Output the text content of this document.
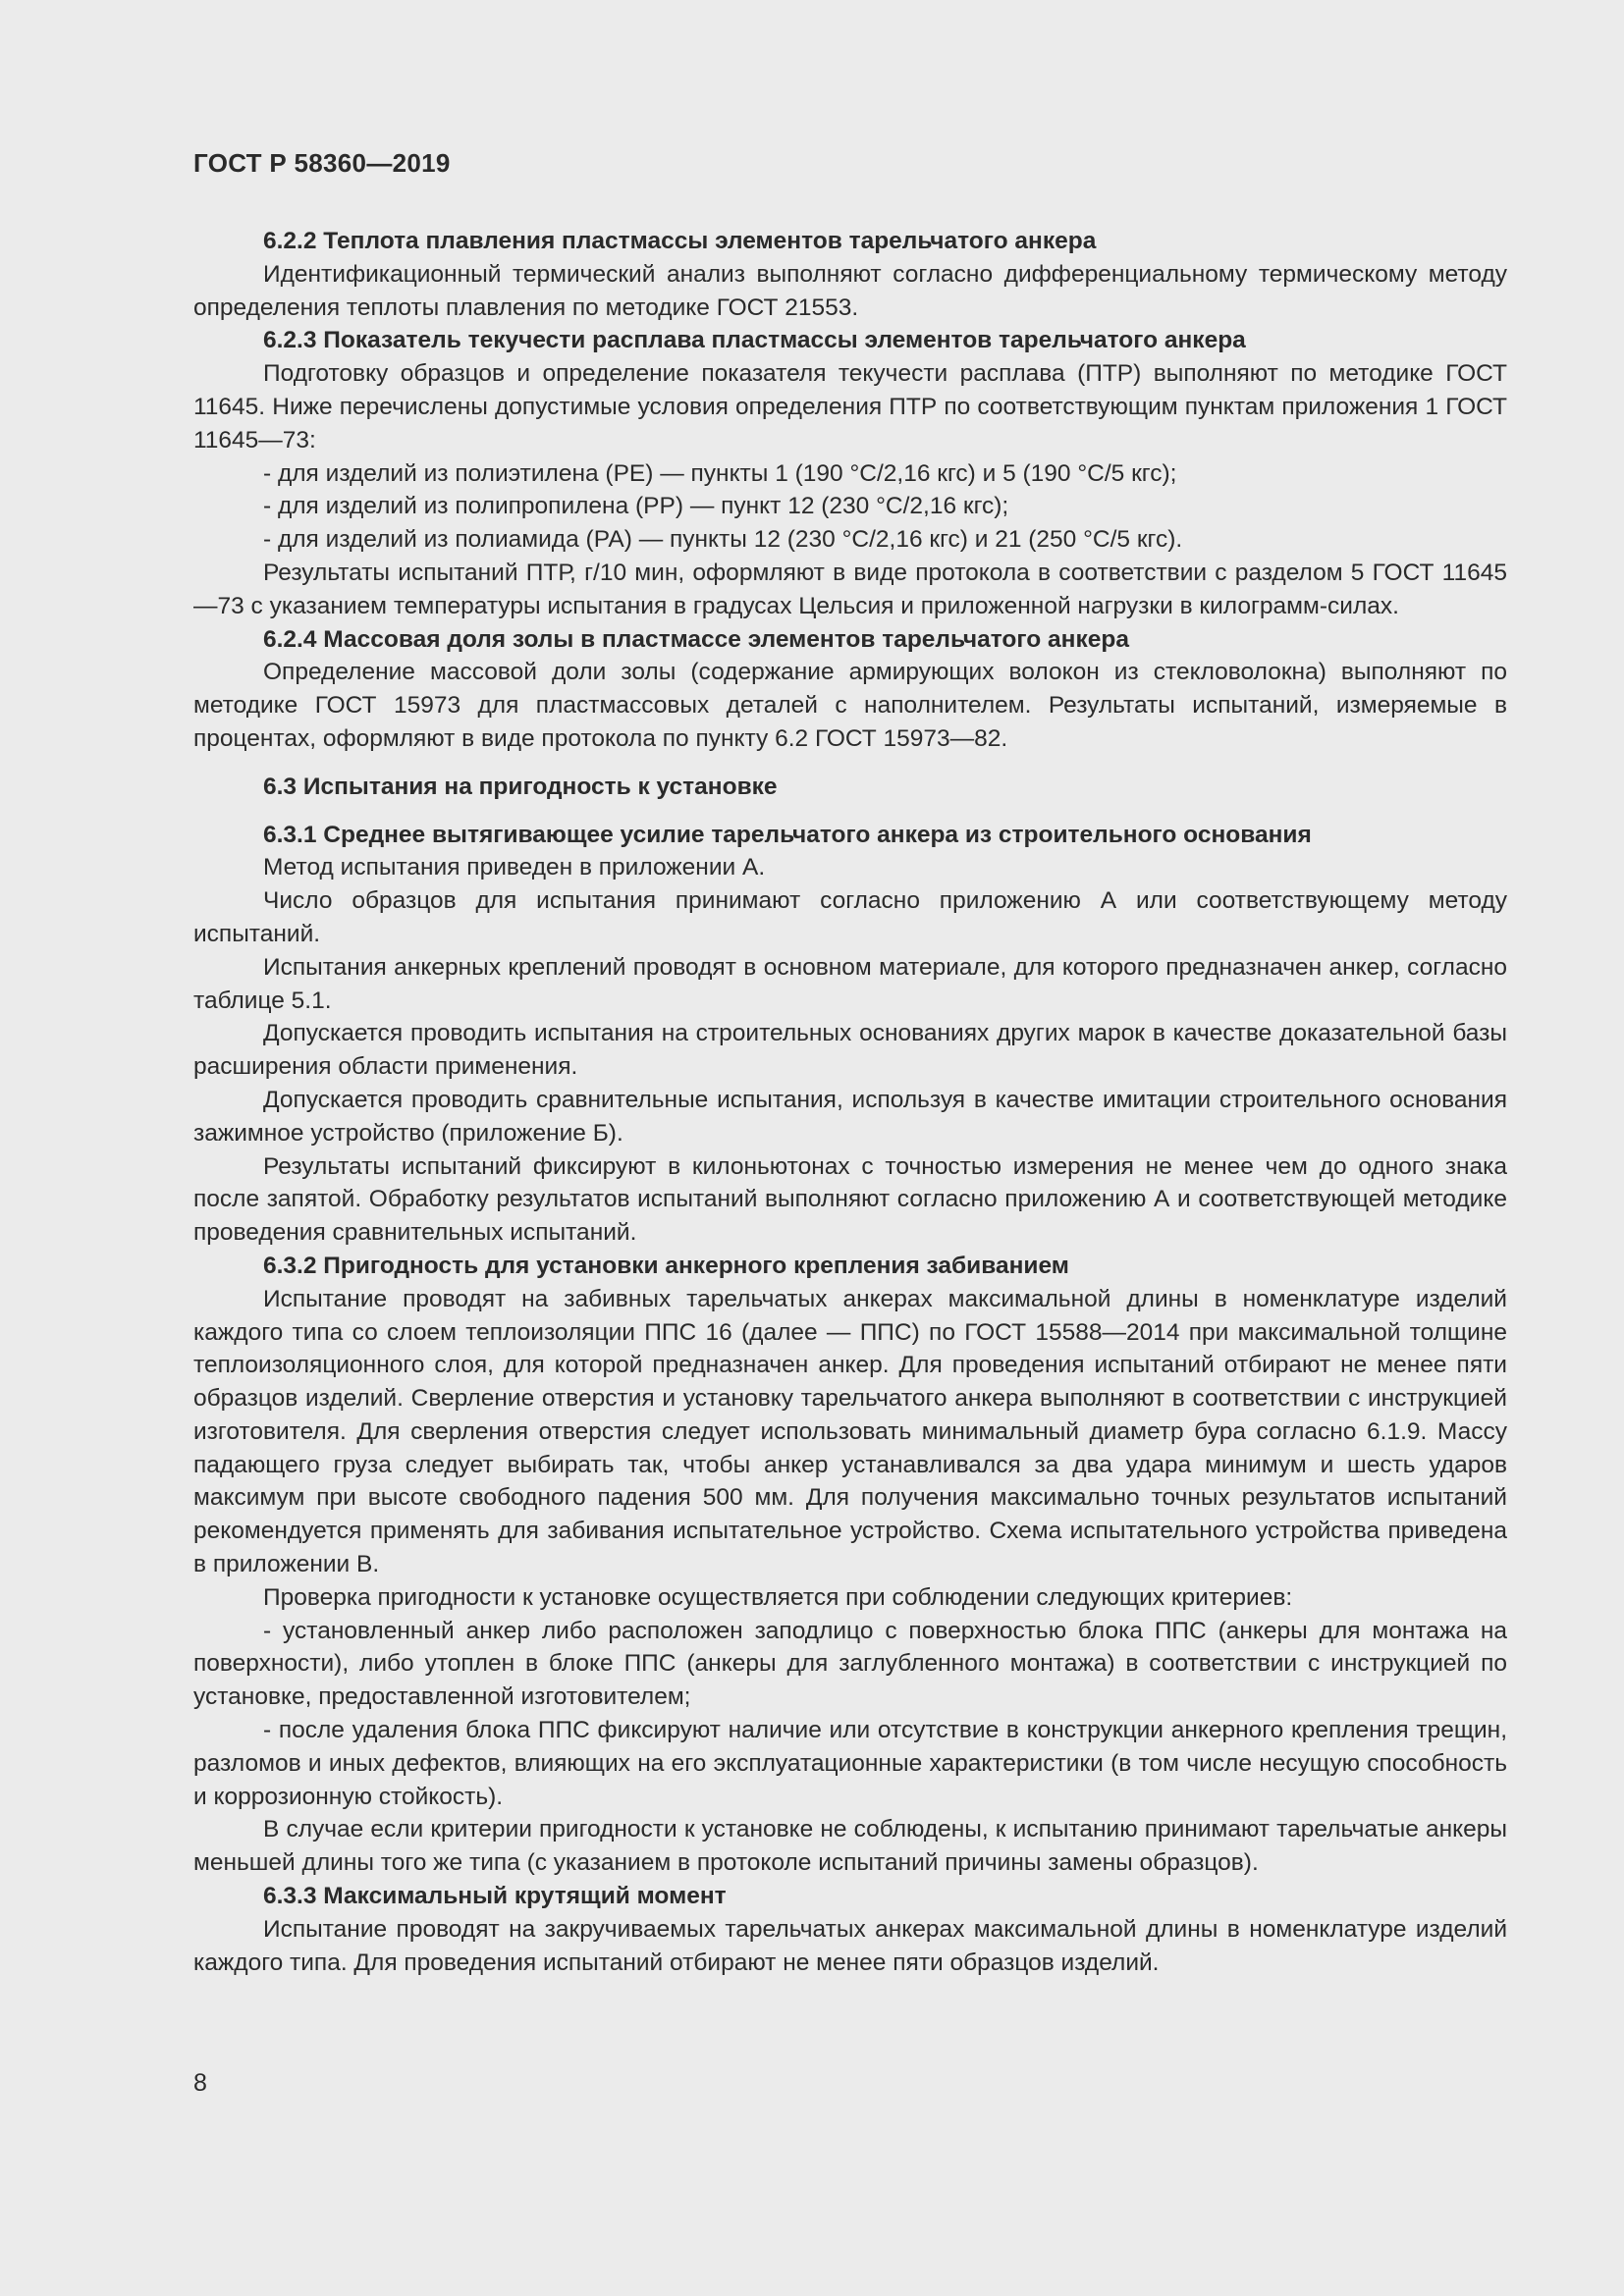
ГОСТ Р 58360—2019

6.2.2 Теплота плавления пластмассы элементов тарельчатого анкера

Идентификационный термический анализ выполняют согласно дифференциальному термическому методу определения теплоты плавления по методике ГОСТ 21553.

6.2.3 Показатель текучести расплава пластмассы элементов тарельчатого анкера

Подготовку образцов и определение показателя текучести расплава (ПТР) выполняют по методике ГОСТ 11645. Ниже перечислены допустимые условия определения ПТР по соответствующим пунктам приложения 1 ГОСТ 11645—73:

- для изделий из полиэтилена (РЕ) — пункты 1 (190 °С/2,16 кгс) и 5 (190 °С/5 кгс);

- для изделий из полипропилена (РР) — пункт 12 (230 °С/2,16 кгс);

- для изделий из полиамида (РА) — пункты 12 (230 °С/2,16 кгс) и 21 (250 °С/5 кгс).

Результаты испытаний ПТР, г/10 мин, оформляют в виде протокола в соответствии с разделом 5 ГОСТ 11645—73 с указанием температуры испытания в градусах Цельсия и приложенной нагрузки в килограмм-силах.

6.2.4 Массовая доля золы в пластмассе элементов тарельчатого анкера

Определение массовой доли золы (содержание армирующих волокон из стекловолокна) выполняют по методике ГОСТ 15973 для пластмассовых деталей с наполнителем. Результаты испытаний, измеряемые в процентах, оформляют в виде протокола по пункту 6.2 ГОСТ 15973—82.

6.3 Испытания на пригодность к установке

6.3.1 Среднее вытягивающее усилие тарельчатого анкера из строительного основания

Метод испытания приведен в приложении А.

Число образцов для испытания принимают согласно приложению А или соответствующему методу испытаний.

Испытания анкерных креплений проводят в основном материале, для которого предназначен анкер, согласно таблице 5.1.

Допускается проводить испытания на строительных основаниях других марок в качестве доказательной базы расширения области применения.

Допускается проводить сравнительные испытания, используя в качестве имитации строительного основания зажимное устройство (приложение Б).

Результаты испытаний фиксируют в килоньютонах с точностью измерения не менее чем до одного знака после запятой. Обработку результатов испытаний выполняют согласно приложению А и соответствующей методике проведения сравнительных испытаний.

6.3.2 Пригодность для установки анкерного крепления забиванием

Испытание проводят на забивных тарельчатых анкерах максимальной длины в номенклатуре изделий каждого типа со слоем теплоизоляции ППС 16 (далее — ППС) по ГОСТ 15588—2014 при максимальной толщине теплоизоляционного слоя, для которой предназначен анкер. Для проведения испытаний отбирают не менее пяти образцов изделий. Сверление отверстия и установку тарельчатого анкера выполняют в соответствии с инструкцией изготовителя. Для сверления отверстия следует использовать минимальный диаметр бура согласно 6.1.9. Массу падающего груза следует выбирать так, чтобы анкер устанавливался за два удара минимум и шесть ударов максимум при высоте свободного падения 500 мм. Для получения максимально точных результатов испытаний рекомендуется применять для забивания испытательное устройство. Схема испытательного устройства приведена в приложении В.

Проверка пригодности к установке осуществляется при соблюдении следующих критериев:

- установленный анкер либо расположен заподлицо с поверхностью блока ППС (анкеры для монтажа на поверхности), либо утоплен в блоке ППС (анкеры для заглубленного монтажа) в соответствии с инструкцией по установке, предоставленной изготовителем;

- после удаления блока ППС фиксируют наличие или отсутствие в конструкции анкерного крепления трещин, разломов и иных дефектов, влияющих на его эксплуатационные характеристики (в том числе несущую способность и коррозионную стойкость).

В случае если критерии пригодности к установке не соблюдены, к испытанию принимают тарельчатые анкеры меньшей длины того же типа (с указанием в протоколе испытаний причины замены образцов).

6.3.3 Максимальный крутящий момент

Испытание проводят на закручиваемых тарельчатых анкерах максимальной длины в номенклатуре изделий каждого типа. Для проведения испытаний отбирают не менее пяти образцов изделий.

8
